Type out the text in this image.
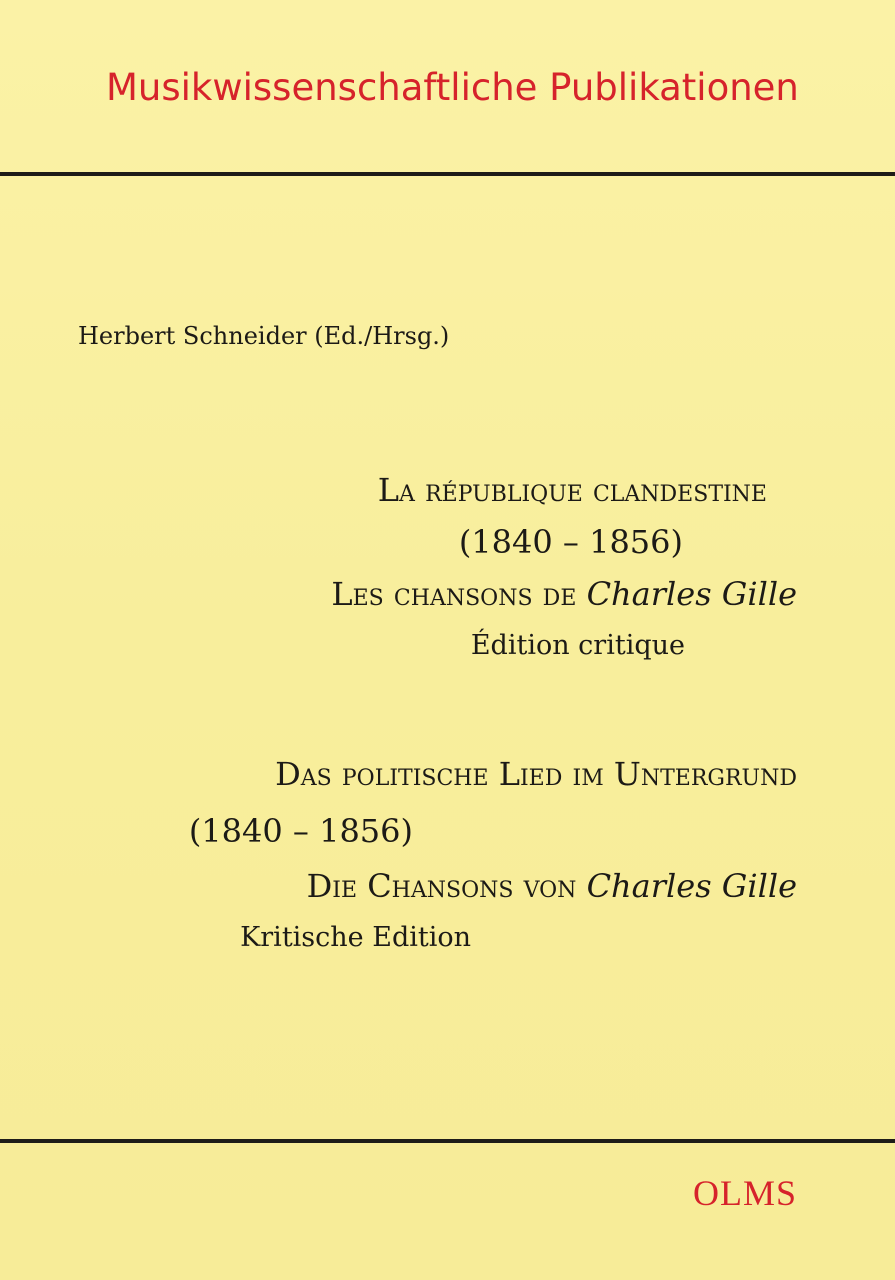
Musikwissenschaftliche Publikationen
Herbert Schneider (Ed./Hrsg.)
La république clandestine
(1840 – 1856)
Les chansons de Charles Gille
Édition critique
Das politische Lied im Untergrund
(1840 – 1856)
Die Chansons von Charles Gille
Kritische Edition
OLMS
